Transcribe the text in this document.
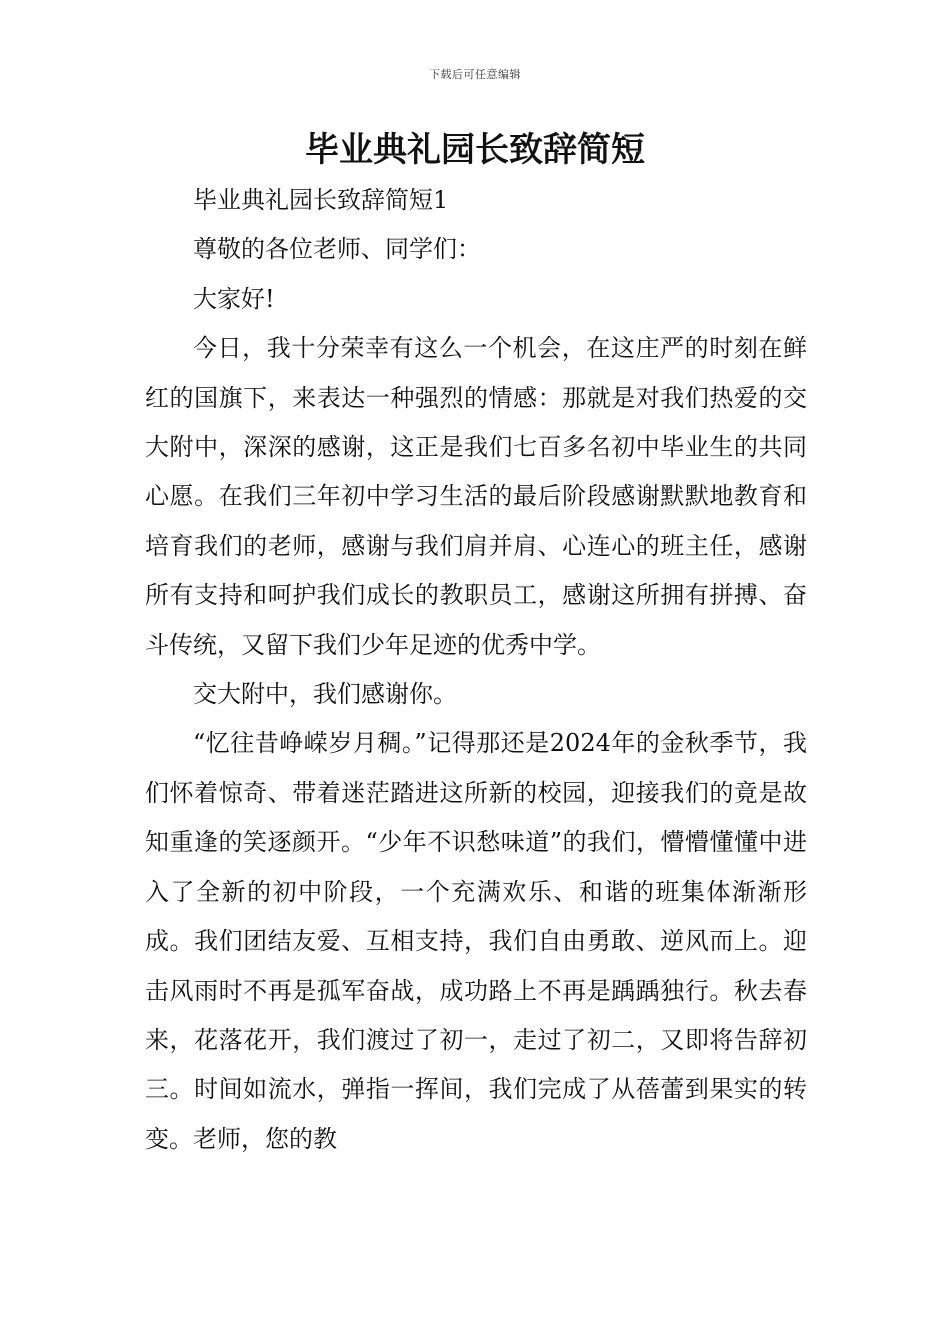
下载后可任意编辑
毕业典礼园长致辞简短

毕业典礼园长致辞简短1

尊敬的各位老师、同学们：

大家好!

今日，我十分荣幸有这么一个机会，在这庄严的时刻在鲜红的国旗下，来表达一种强烈的情感：那就是对我们热爱的交大附中，深深的感谢，这正是我们七百多名初中毕业生的共同心愿。在我们三年初中学习生活的最后阶段感谢默默地教育和培育我们的老师，感谢与我们肩并肩、心连心的班主任，感谢所有支持和呵护我们成长的教职员工，感谢这所拥有拼搏、奋斗传统，又留下我们少年足迹的优秀中学。

交大附中，我们感谢你。

“忆往昔峥嵘岁月稠。”记得那还是2024年的金秋季节，我们怀着惊奇、带着迷茫踏进这所新的校园，迎接我们的竟是故知重逢的笑逐颜开。“少年不识愁味道”的我们，懵懵懂懂中进入了全新的初中阶段，一个充满欢乐、和谐的班集体渐渐形成。我们团结友爱、互相支持，我们自由勇敢、逆风而上。迎击风雨时不再是孤军奋战，成功路上不再是踽踽独行。秋去春来，花落花开，我们渡过了初一，走过了初二，又即将告辞初三。时间如流水，弹指一挥间，我们完成了从蓓蕾到果实的转变。老师，您的教
